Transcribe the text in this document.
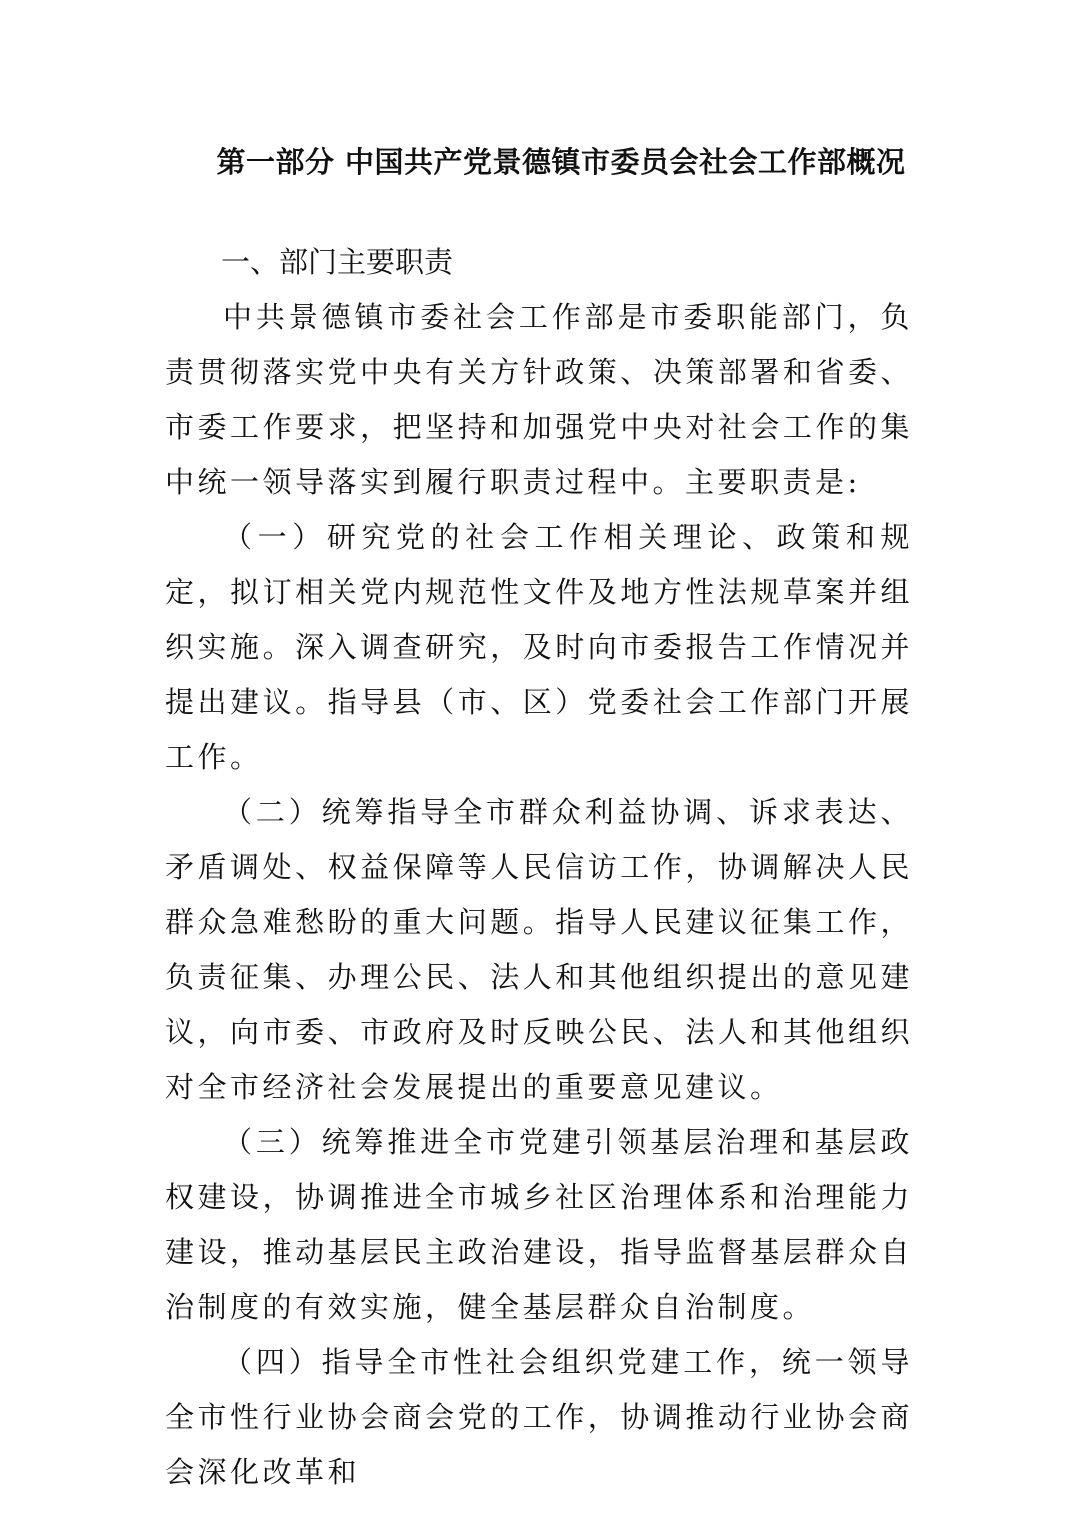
第一部分 中国共产党景德镇市委员会社会工作部概况
一、部门主要职责

中共景德镇市委社会工作部是市委职能部门，负责贯彻落实党中央有关方针政策、决策部署和省委、市委工作要求，把坚持和加强党中央对社会工作的集中统一领导落实到履行职责过程中。主要职责是:

（一）研究党的社会工作相关理论、政策和规定，拟订相关党内规范性文件及地方性法规草案并组织实施。深入调查研究，及时向市委报告工作情况并提出建议。指导县（市、区）党委社会工作部门开展工作。

（二）统筹指导全市群众利益协调、诉求表达、矛盾调处、权益保障等人民信访工作，协调解决人民群众急难愁盼的重大问题。指导人民建议征集工作，负责征集、办理公民、法人和其他组织提出的意见建议，向市委、市政府及时反映公民、法人和其他组织对全市经济社会发展提出的重要意见建议。

（三）统筹推进全市党建引领基层治理和基层政权建设，协调推进全市城乡社区治理体系和治理能力建设，推动基层民主政治建设，指导监督基层群众自治制度的有效实施，健全基层群众自治制度。

（四）指导全市性社会组织党建工作，统一领导全市性行业协会商会党的工作，协调推动行业协会商会深化改革和
